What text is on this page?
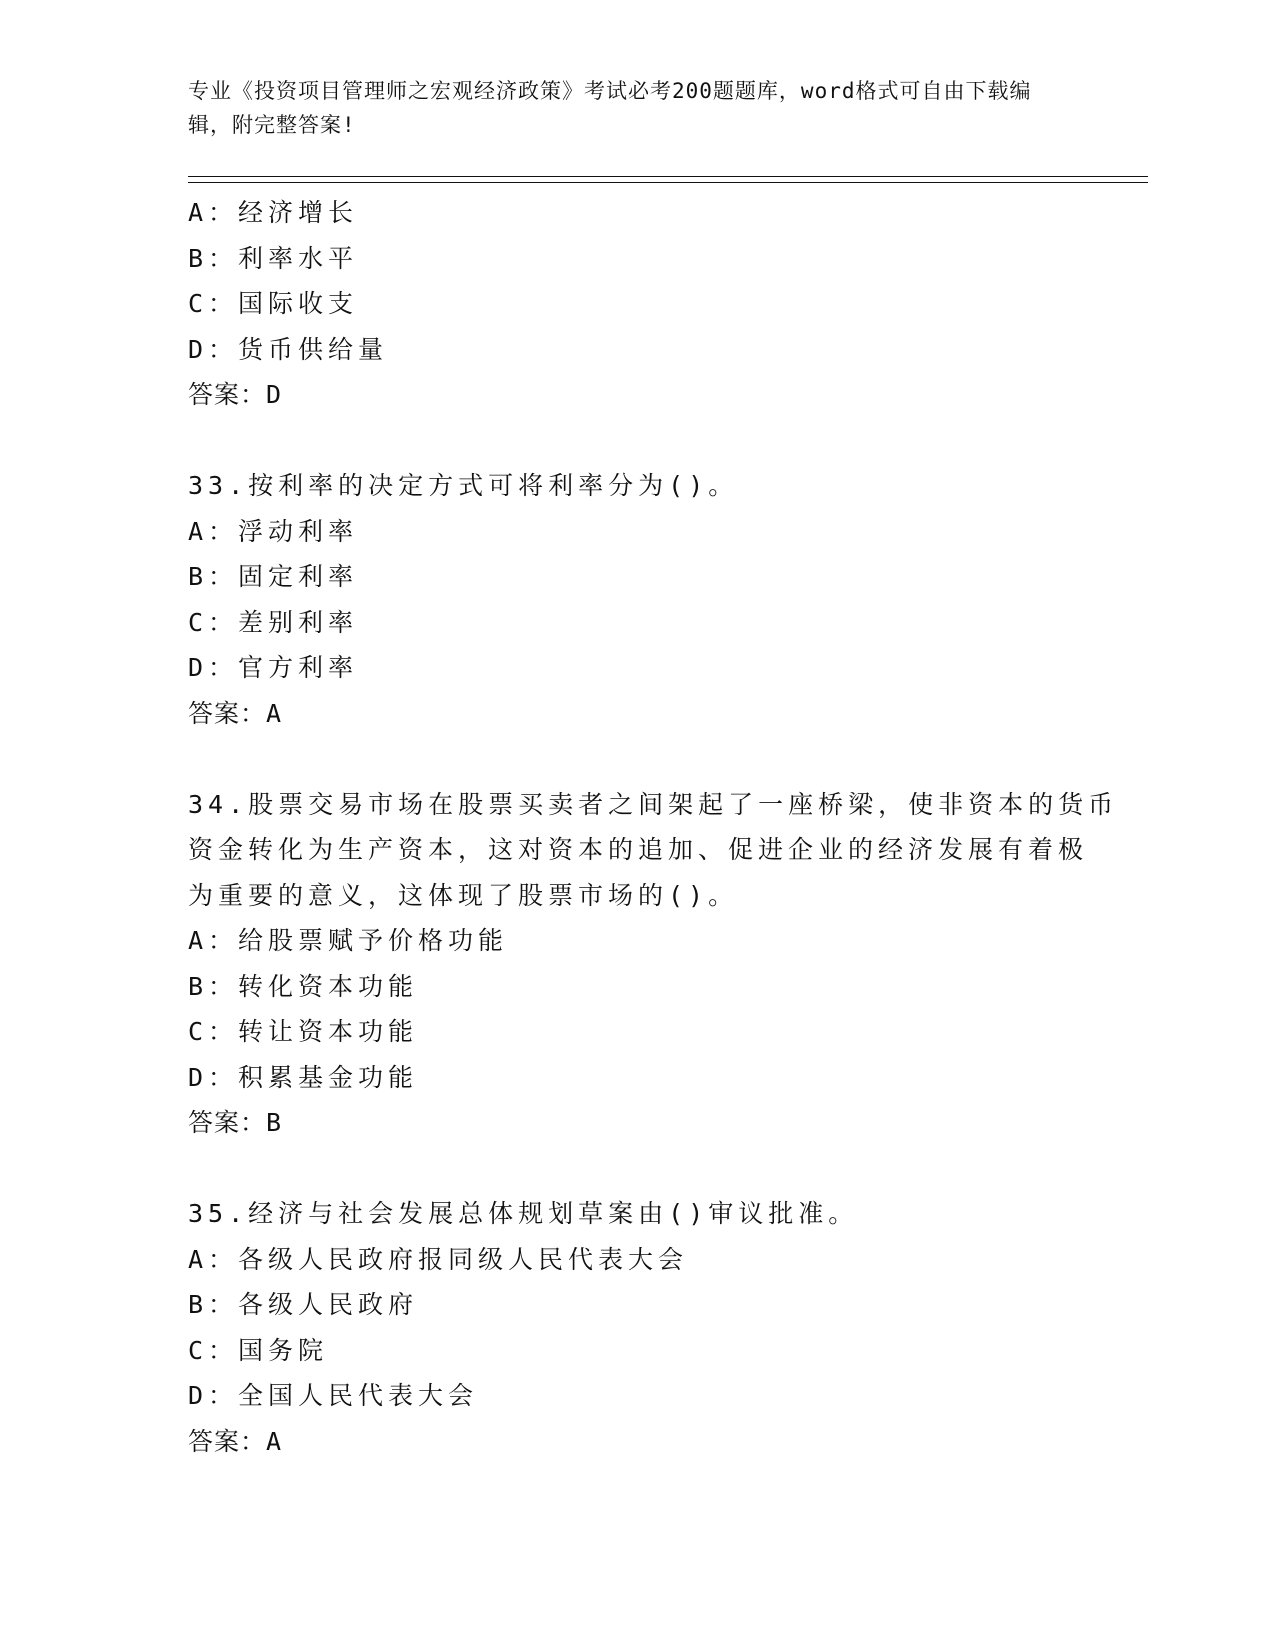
专业《投资项目管理师之宏观经济政策》考试必考200题题库，word格式可自由下载编辑，附完整答案!
A：经济增长
B：利率水平
C：国际收支
D：货币供给量
答案：D
33.按利率的决定方式可将利率分为()。
A：浮动利率
B：固定利率
C：差别利率
D：官方利率
答案：A
34.股票交易市场在股票买卖者之间架起了一座桥梁，使非资本的货币
资金转化为生产资本，这对资本的追加、促进企业的经济发展有着极
为重要的意义，这体现了股票市场的()。
A：给股票赋予价格功能
B：转化资本功能
C：转让资本功能
D：积累基金功能
答案：B
35.经济与社会发展总体规划草案由()审议批准。
A：各级人民政府报同级人民代表大会
B：各级人民政府
C：国务院
D：全国人民代表大会
答案：A
